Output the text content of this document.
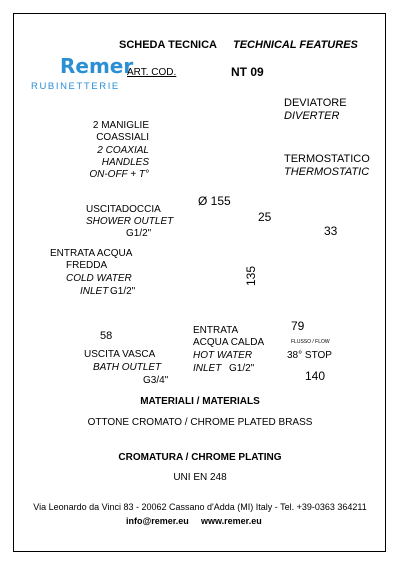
Remer
RUBINETTERIE
SCHEDA TECNICA TECHNICAL FEATURES
ART. COD.	NT 09
2 MANIGLIE
COASSIALI
2 COAXIAL
HANDLES
ON-OFF + T°
DEVIATORE
DIVERTER
TERMOSTATICO
THERMOSTATIC
Ø 155
USCITADOCCIA
SHOWER OUTLET
G1/2"
ENTRATA ACQUA
FREDDA
COLD WATER
INLET G1/2"
58	ENTRATA
ACQUA CALDA
HOT WATER
INLET G1/2"
USCITA VASCA
BATH OUTLET
G3/4"
25
33
135
79
FLUSSO / FLOW
38° STOP
140
MATERIALI / MATERIALS
OTTONE CROMATO / CHROME PLATED BRASS
CROMATURA / CHROME PLATING
UNI EN 248
Via Leonardo da Vinci 83 - 20062 Cassano d'Adda (MI) Italy - Tel. +39-0363 364211
info@remer.eu www.remer.eu
